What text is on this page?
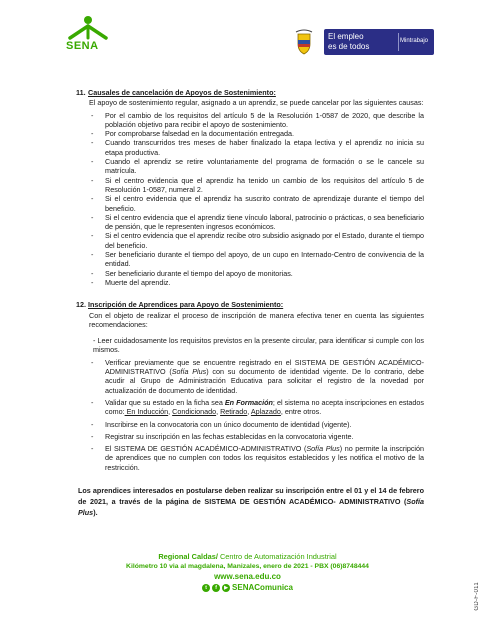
SENA
El empleo
es de todos
Mintrabajo
11. Causales de cancelación de Apoyos de Sostenimiento:
El apoyo de sostenimiento regular, asignado a un aprendiz, se puede cancelar por las siguientes causas:
-	Por el cambio de los requisitos del artículo 5 de la Resolución 1-0587 de 2020, que describe la población objetivo para recibir el apoyo de sostenimiento.
-	Por comprobarse falsedad en la documentación entregada.
-	Cuando transcurridos tres meses de haber finalizado la etapa lectiva y el aprendiz no inicia su etapa productiva.
-	Cuando el aprendiz se retire voluntariamente del programa de formación o se le cancele su matrícula.
-	Si el centro evidencia que el aprendiz ha tenido un cambio de los requisitos del artículo 5 de Resolución 1-0587, numeral 2.
-	Si el centro evidencia que el aprendiz ha suscrito contrato de aprendizaje durante el tiempo del beneficio.
-	Si el centro evidencia que el aprendiz tiene vínculo laboral, patrocinio o prácticas, o sea beneficiario de pensión, que le representen ingresos económicos.
-	Si el centro evidencia que el aprendiz recibe otro subsidio asignado por el Estado, durante el tiempo del beneficio.
-	Ser beneficiario durante el tiempo del apoyo, de un cupo en Internado-Centro de convivencia de la entidad.
-	Ser beneficiario durante el tiempo del apoyo de monitorias.
-	Muerte del aprendiz.
12. Inscripción de Aprendices para Apoyo de Sostenimiento:
Con el objeto de realizar el proceso de inscripción de manera efectiva tener en cuenta las siguientes recomendaciones:
- Leer cuidadosamente los requisitos previstos en la presente circular, para identificar si cumple con los mismos.
-	Verificar previamente que se encuentre registrado en el SISTEMA DE GESTIÓN ACADÉMICO-ADMINISTRATIVO (Sofía Plus) con su documento de identidad vigente. De lo contrario, debe acudir al Grupo de Administración Educativa para solicitar el registro de la novedad por actualización de documento de identidad.
-	Validar que su estado en la ficha sea En Formación; el sistema no acepta inscripciones en estados como: En Inducción, Condicionado, Retirado, Aplazado, entre otros.
-	Inscribirse en la convocatoria con un único documento de identidad (vigente).
-	Registrar su inscripción en las fechas establecidas en la convocatoria vigente.
-	El SISTEMA DE GESTIÓN ACADÉMICO-ADMINISTRATIVO (Sofía Plus) no permite la inscripción de aprendices que no cumplen con todos los requisitos establecidos y les notifica el motivo de la restricción.
Los aprendices interesados en postularse deben realizar su inscripción entre el 01 y el 14 de febrero de 2021, a través de la página de SISTEMA DE GESTIÓN ACADÉMICO- ADMINISTRATIVO (Sofía Plus).
Regional Caldas/ Centro de Automatización Industrial
Kilómetro 10 via al magdalena, Manizales, enero de 2021 - PBX (06)8748444
www.sena.edu.co
t	f	▶ SENAComunica	GD-F-011
